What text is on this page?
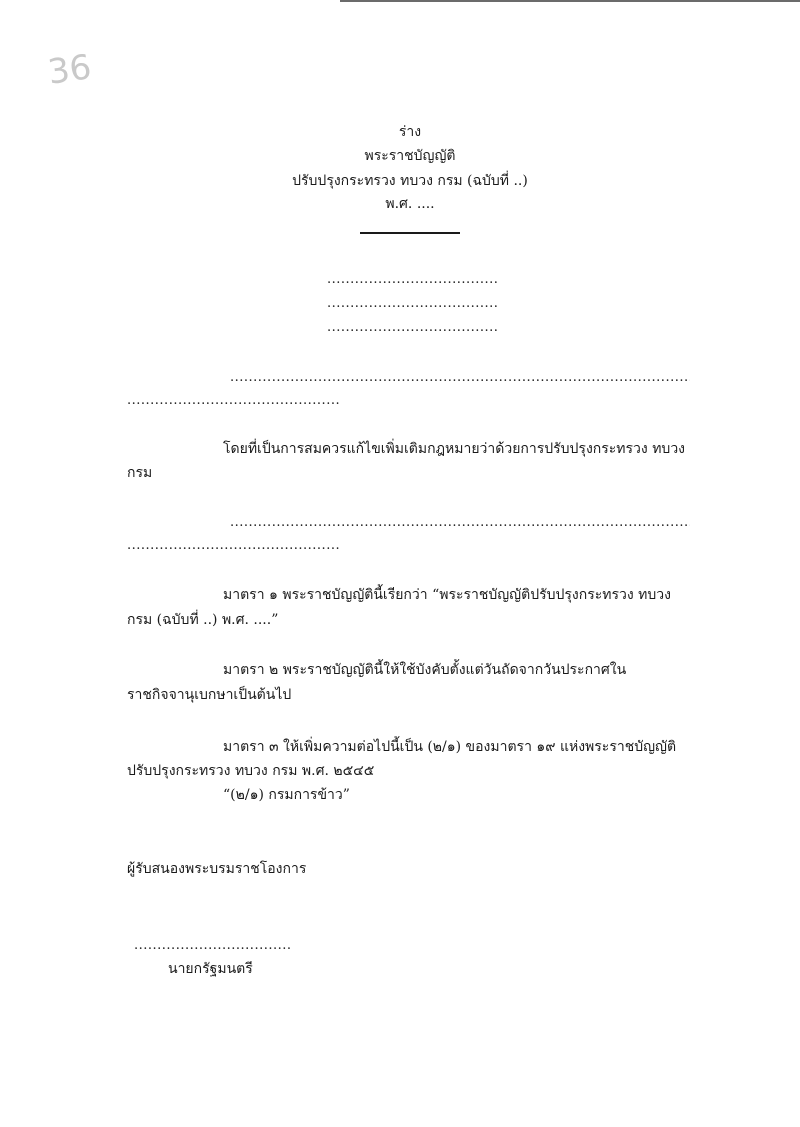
36
ร่าง
พระราชบัญญัติ
ปรับปรุงกระทรวง ทบวง กรม (ฉบับที่ ..)
พ.ศ. ....
.....
.....
.....
.....
.....
โดยที่เป็นการสมควรแก้ไขเพิ่มเติมกฎหมายว่าด้วยการปรับปรุงกระทรวง ทบวง
กรม
.....
.....
มาตรา ๑ พระราชบัญญัตินี้เรียกว่า “พระราชบัญญัติปรับปรุงกระทรวง ทบวง
กรม (ฉบับที่ ..) พ.ศ. ....”
มาตรา ๒ พระราชบัญญัตินี้ให้ใช้บังคับตั้งแต่วันถัดจากวันประกาศใน
ราชกิจจานุเบกษาเป็นต้นไป
มาตรา ๓ ให้เพิ่มความต่อไปนี้เป็น (๒/๑) ของมาตรา ๑๙ แห่งพระราชบัญญัติ
ปรับปรุงกระทรวง ทบวง กรม พ.ศ. ๒๕๔๕
“(๒/๑) กรมการข้าว”
ผู้รับสนองพระบรมราชโองการ
.....
นายกรัฐมนตรี
